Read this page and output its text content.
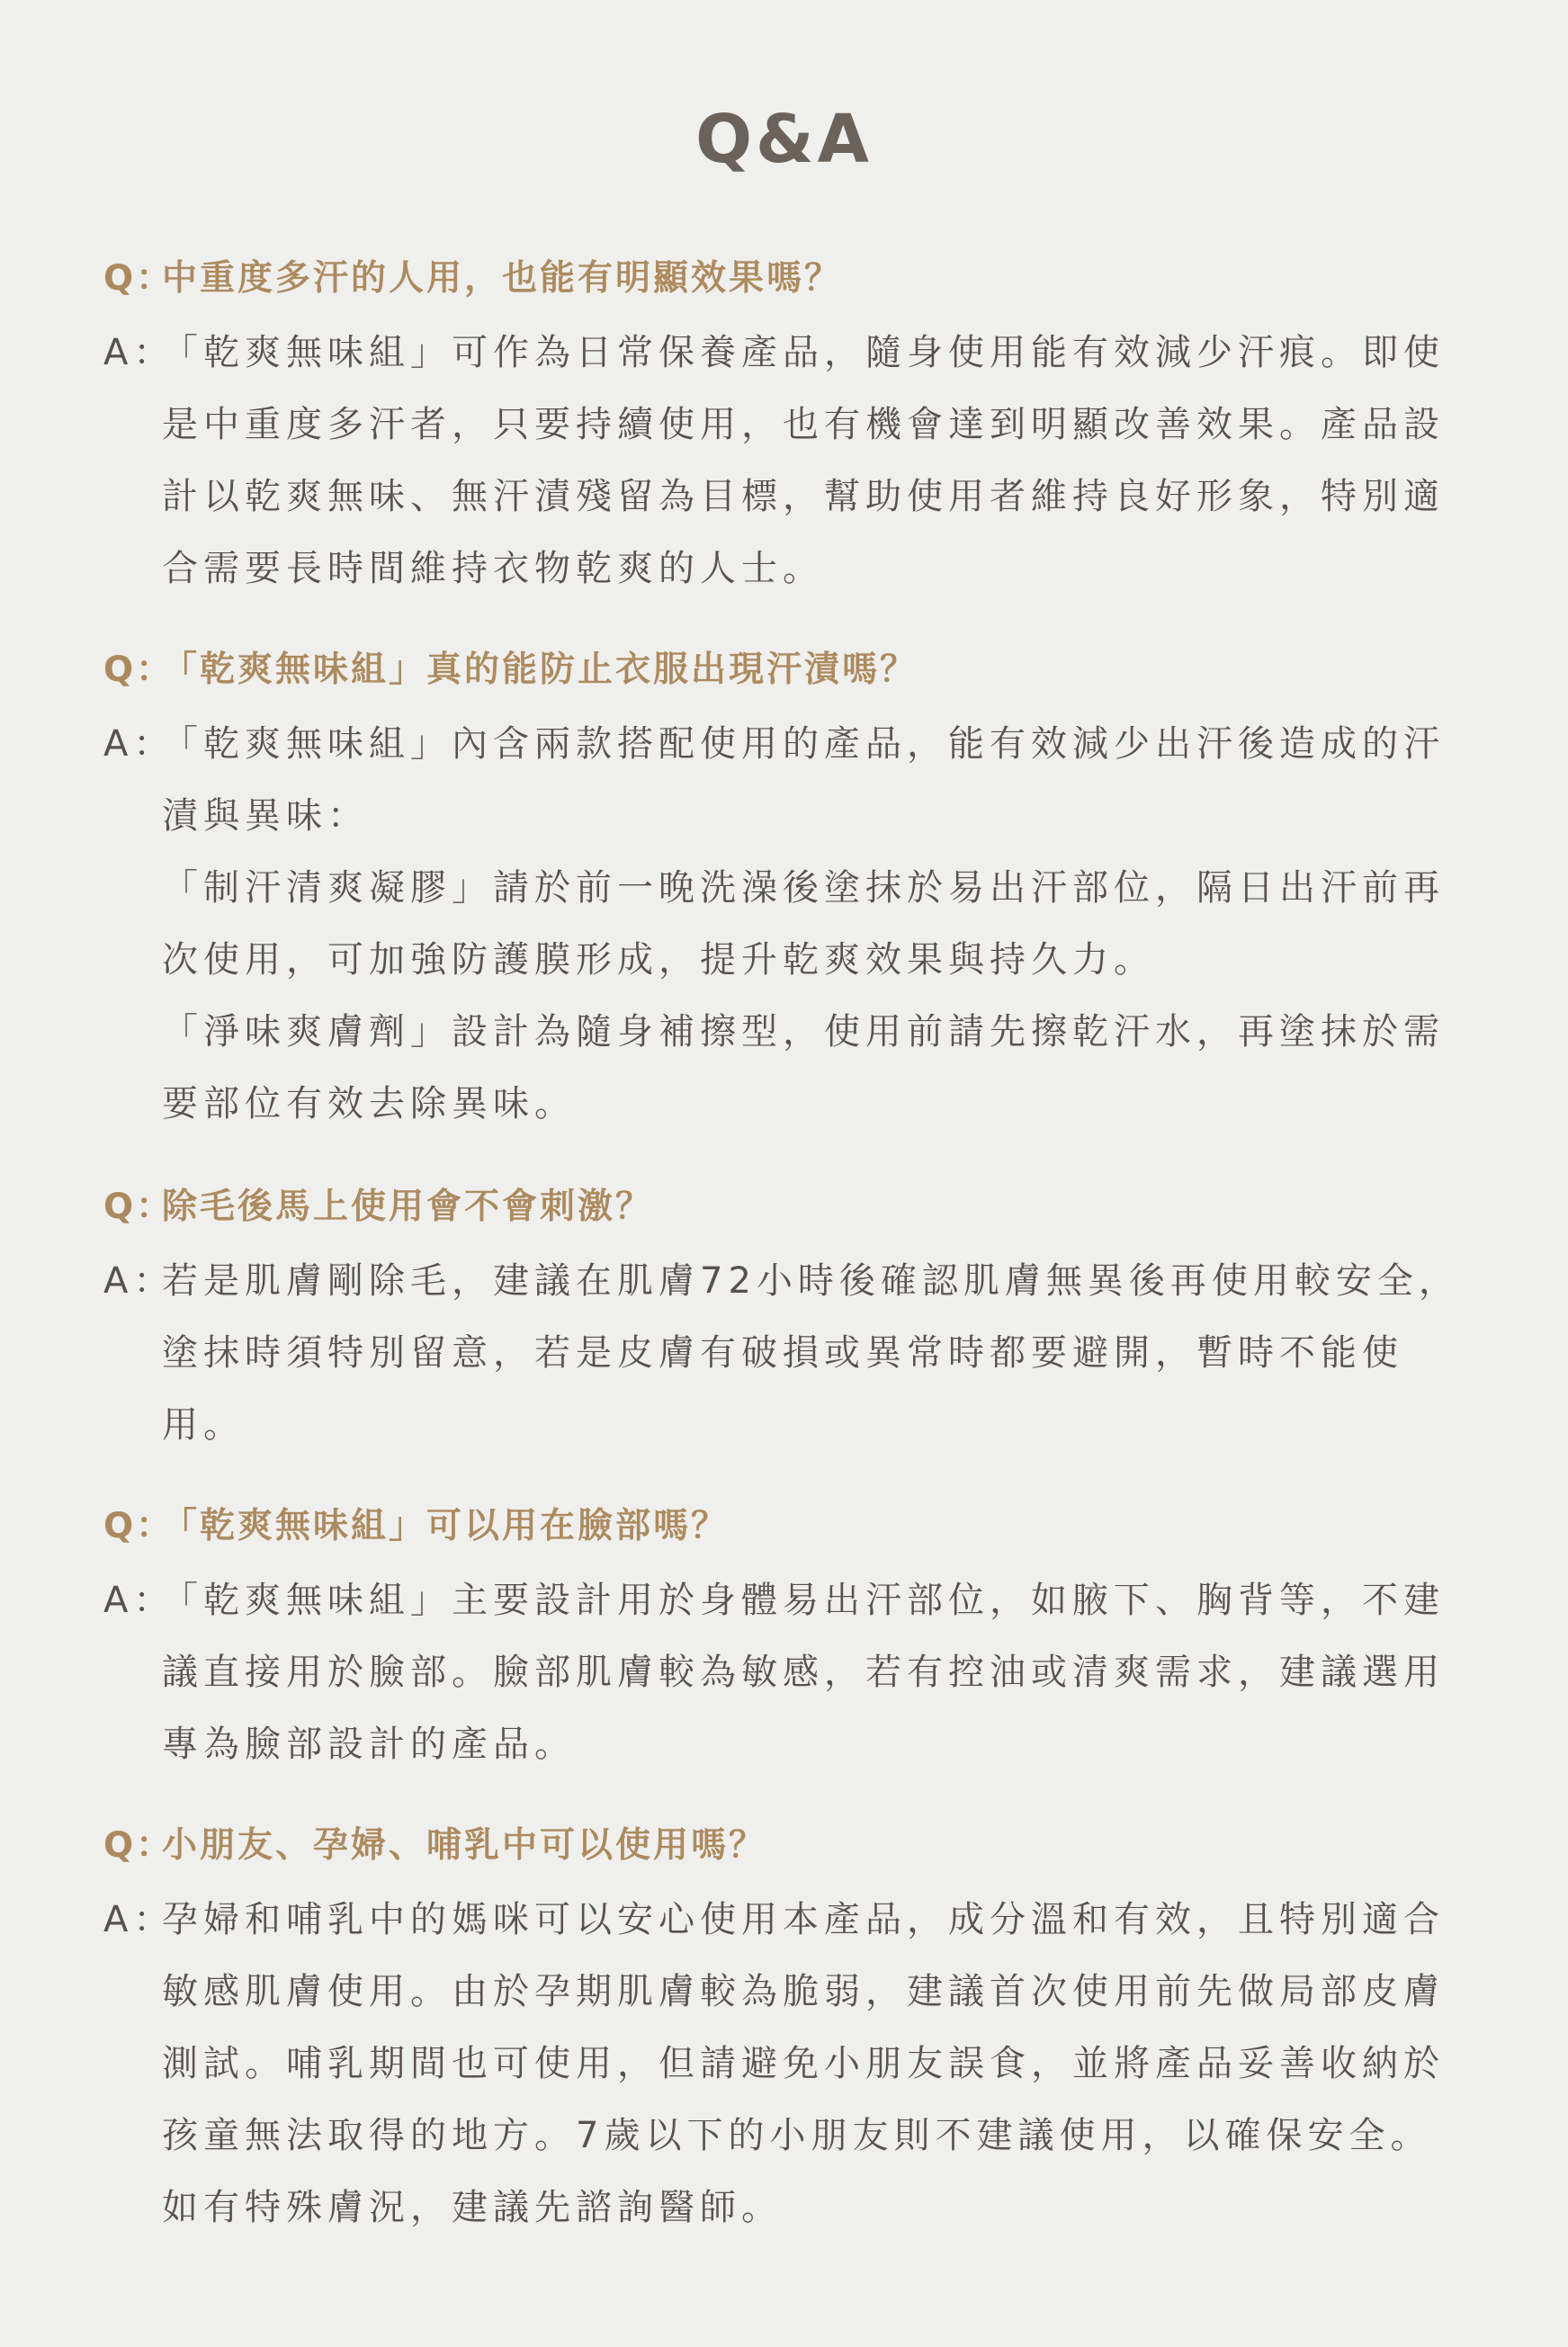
Q&A
Q：
中重度多汗的人用，也能有明顯效果嗎？
A：

「乾爽無味組」可作為日常保養產品，隨身使用能有效減少汗痕。即使是中重度多汗者，只要持續使用，也有機會達到明顯改善效果。產品設計以乾爽無味、無汗漬殘留為目標，幫助使用者維持良好形象，特別適合需要長時間維持衣物乾爽的人士。

Q：
「乾爽無味組」真的能防止衣服出現汗漬嗎？
A：

「乾爽無味組」內含兩款搭配使用的產品，能有效減少出汗後造成的汗漬與異味：

「制汗清爽凝膠」請於前一晚洗澡後塗抹於易出汗部位，隔日出汗前再次使用，可加強防護膜形成，提升乾爽效果與持久力。

「淨味爽膚劑」設計為隨身補擦型，使用前請先擦乾汗水，再塗抹於需要部位有效去除異味。

Q：
除毛後馬上使用會不會刺激？
A：

若是肌膚剛除毛，建議在肌膚72小時後確認肌膚無異後再使用較安全，塗抹時須特別留意，若是皮膚有破損或異常時都要避開，暫時不能使用。

Q：
「乾爽無味組」可以用在臉部嗎？
A：

「乾爽無味組」主要設計用於身體易出汗部位，如腋下、胸背等，不建議直接用於臉部。臉部肌膚較為敏感，若有控油或清爽需求，建議選用專為臉部設計的產品。

Q：
小朋友、孕婦、哺乳中可以使用嗎？
A：

孕婦和哺乳中的媽咪可以安心使用本產品，成分溫和有效，且特別適合敏感肌膚使用。由於孕期肌膚較為脆弱，建議首次使用前先做局部皮膚測試。哺乳期間也可使用，但請避免小朋友誤食，並將產品妥善收納於孩童無法取得的地方。7歲以下的小朋友則不建議使用，以確保安全。如有特殊膚況，建議先諮詢醫師。
